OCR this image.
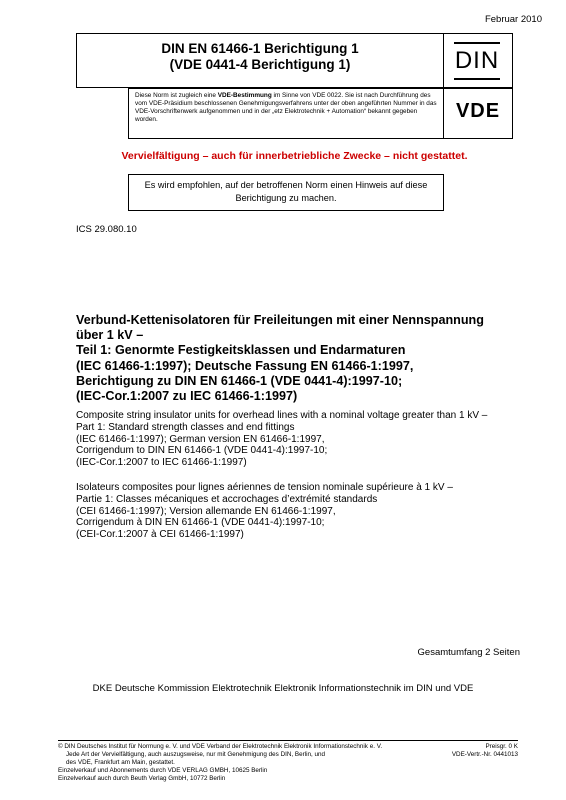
Februar 2010
DIN EN 61466-1 Berichtigung 1
(VDE 0441-4 Berichtigung 1)	DIN

Diese Norm ist zugleich eine VDE-Bestimmung im Sinne von VDE 0022. Sie ist nach Durchführung des vom VDE-Präsidium beschlossenen Genehmigungsverfahrens unter der oben angeführten Nummer in das VDE-Vorschriftenwerk aufgenommen und in der „etz Elektrotechnik + Automation“ bekannt gegeben worden.	VDE
Vervielfältigung – auch für innerbetriebliche Zwecke – nicht gestattet.

Es wird empfohlen, auf der betroffenen Norm einen Hinweis auf diese
Berichtigung zu machen.

ICS 29.080.10
Verbund-Kettenisolatoren für Freileitungen mit einer Nennspannung
über 1 kV –
Teil 1: Genormte Festigkeitsklassen und Endarmaturen
(IEC 61466-1:1997); Deutsche Fassung EN 61466-1:1997,
Berichtigung zu DIN EN 61466-1 (VDE 0441-4):1997-10;
(IEC-Cor.1:2007 zu IEC 61466-1:1997)
Composite string insulator units for overhead lines with a nominal voltage greater than 1 kV –
Part 1: Standard strength classes and end fittings
(IEC 61466-1:1997); German version EN 61466-1:1997,
Corrigendum to DIN EN 61466-1 (VDE 0441-4):1997-10;
(IEC-Cor.1:2007 to IEC 61466-1:1997)
Isolateurs composites pour lignes aériennes de tension nominale supérieure à 1 kV –
Partie 1: Classes mécaniques et accrochages d’extrémité standards
(CEI 61466-1:1997); Version allemande EN 61466-1:1997,
Corrigendum à DIN EN 61466-1 (VDE 0441-4):1997-10;
(CEI-Cor.1:2007 à CEI 61466-1:1997)
Gesamtumfang 2 Seiten
DKE Deutsche Kommission Elektrotechnik Elektronik Informationstechnik im DIN und VDE
© DIN Deutsches Institut für Normung e. V. und VDE Verband der Elektrotechnik Elektronik Informationstechnik e. V.
Jede Art der Vervielfältigung, auch auszugsweise, nur mit Genehmigung des DIN, Berlin, und
des VDE, Frankfurt am Main, gestattet.
Einzelverkauf und Abonnements durch VDE VERLAG GMBH, 10625 Berlin
Einzelverkauf auch durch Beuth Verlag GmbH, 10772 Berlin
Preisgr. 0 K
VDE-Vertr.-Nr. 0441013
